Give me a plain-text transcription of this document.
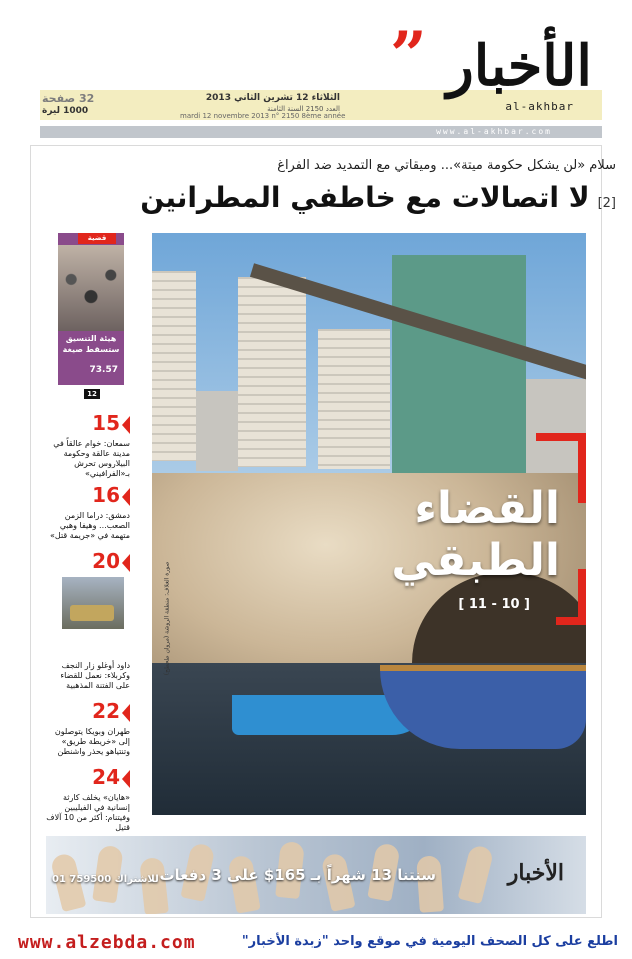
الثلاثاء 12 تشرين الثاني 2013
العدد 2150 السنة الثامنة
mardi 12 novembre 2013 n° 2150 8ème année
32 صفحة
1000 ليرة
الأخبار
”
al-akhbar
www.al-akhbar.com
سلام «لن يشكل حكومة ميتة»... وميقاتي مع التمديد ضد الفراغ
[2]لا اتصالات مع خاطفي المطرانين
القضاء الطبقي
[ 10 - 11 ]
صورة الغلاف: منطقة الروشة (مروان طحطح)
قضية
هيئة التنسيق ستسقط صيغة
73.57
12
15
سمعان: خوام عالقاً في مدينة عالقة وحكومة البيلاروس تحرش بـ«الفرافيني»
16
دمشق: دراما الزمن الصعب... وهيفا وهبي متهمة في «جريمة قتل»
20
داود أوغلو زار النجف وكربلاء: نعمل للقضاء على الفتنة المذهبية
22
طهران وبويكا يتوصلون إلى «خريطة طريق» وتنتياهو يحذر واشنطن
24
«هايان» يخلف كارثة إنسانية في الفيليبين وفيتنام: أكثر من 10 آلاف قتيل
للاشتراك 759500 01 سنتنا 13 شهراً بـ 165$ على 3 دفعات	الأخبار
www.alzebda.com	اطلع على كل الصحف اليومية في موقع واحد "زبدة الأخبار"
